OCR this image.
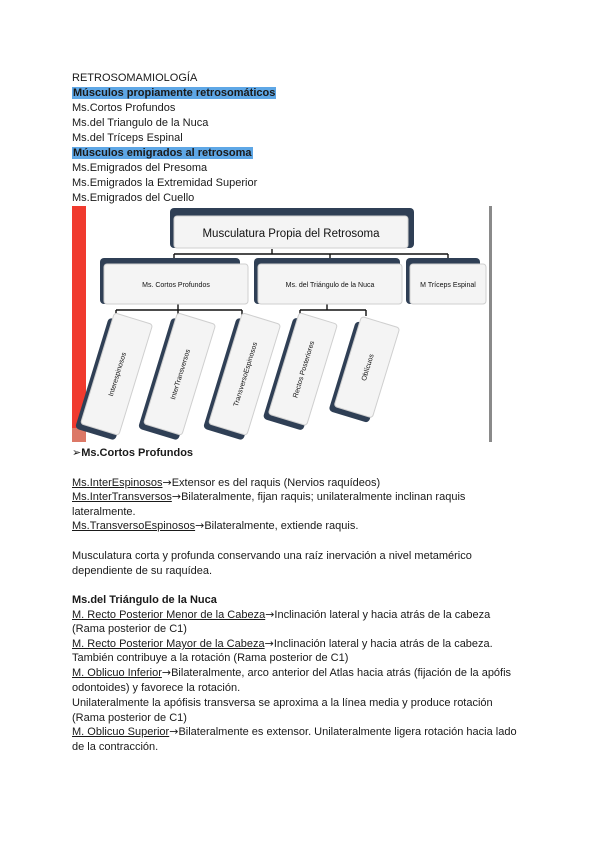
RETROSOMAMIOLOGÍA
Músculos propiamente retrosomáticos
Ms.Cortos Profundos
Ms.del Triangulo de la Nuca
Ms.del Tríceps Espinal
Músculos emigrados al retrosoma
Ms.Emigrados del Presoma
Ms.Emigrados la Extremidad Superior
Ms.Emigrados del Cuello
Musculatura Propia del Retrosoma
Ms. Cortos Profundos	Ms. del Triángulo de la Nuca	M Tríceps Espinal
Interespinosos	InterTransversos	TransversoEspinosos	Rectos Posteriores	Oblícuos
➢Ms.Cortos Profundos
Ms.InterEspinosos→Extensor es del raquis (Nervios raquídeos)
Ms.InterTransversos→Bilateralmente, fijan raquis; unilateralmente inclinan raquis
lateralmente.
Ms.TransversoEspinosos→Bilateralmente, extiende raquis.
Musculatura corta y profunda conservando una raíz inervación a nivel metamérico
dependiente de su raquídea.
Ms.del Triángulo de la Nuca
M. Recto Posterior Menor de la Cabeza→Inclinación lateral y hacia atrás de la cabeza
(Rama posterior de C1)
M. Recto Posterior Mayor de la Cabeza→Inclinación lateral y hacia atrás de la cabeza.
También contribuye a la rotación (Rama posterior de C1)
M. Oblicuo Inferior→Bilateralmente, arco anterior del Atlas hacia atrás (fijación de la apófis
odontoides) y favorece la rotación.
Unilateralmente la apófisis transversa se aproxima a la línea media y produce rotación
(Rama posterior de C1)
M. Oblicuo Superior→Bilateralmente es extensor. Unilateralmente ligera rotación hacia lado
de la contracción.
